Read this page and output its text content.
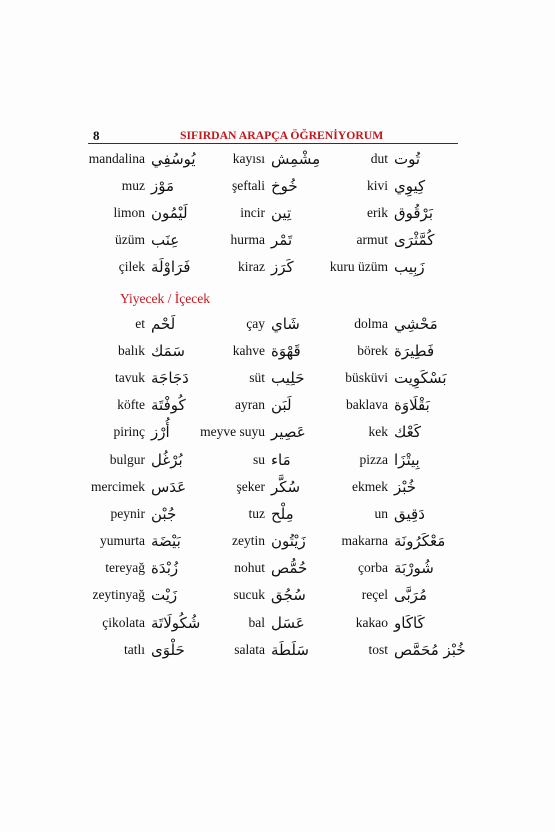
8	SIFIRDAN ARAPÇA ÖĞRENİYORUM
mandalina يُوسُفِي	kayısı مِشْمِش	dut تُوت
muz مَوْز	şeftali خُوخ	kivi كِيوِي
limon لَيْمُون	incir تِين	erik بَرْقُوق
üzüm عِنَب	hurma تَمْر	armut كُمَّثْرَى
çilek فَرَاوْلَة	kiraz كَرَز	kuru üzüm زَبِيب
Yiyecek / İçecek
et لَحْم	çay شَاي	dolma مَحْشِي
balık سَمَك	kahve قَهْوَة	börek فَطِيرَة
tavuk دَجَاجَة	süt حَلِيب	büsküvi بَسْكَوِيت
köfte كُوفْتَة	ayran لَبَن	baklava بَقْلَاوَة
pirinç أُرْز	meyve suyu عَصِير	kek كَعْك
bulgur بُرْغُل	su مَاء	pizza بِيتْزَا
mercimek عَدَس	şeker سُكَّر	ekmek خُبْز
peynir جُبْن	tuz مِلْح	un دَقِيق
yumurta بَيْضَة	zeytin زَيْتُون	makarna مَعْكَرُونَة
tereyağ زُبْدَة	nohut حُمُّص	çorba شُورْبَة
zeytinyağ زَيْت	sucuk سُجُق	reçel مُرَبَّى
çikolata شُكُولَاتَة	bal عَسَل	kakao كَاكَاو
tatlı حَلْوَى	salata سَلَطَة	tost خُبْز مُحَمَّص
